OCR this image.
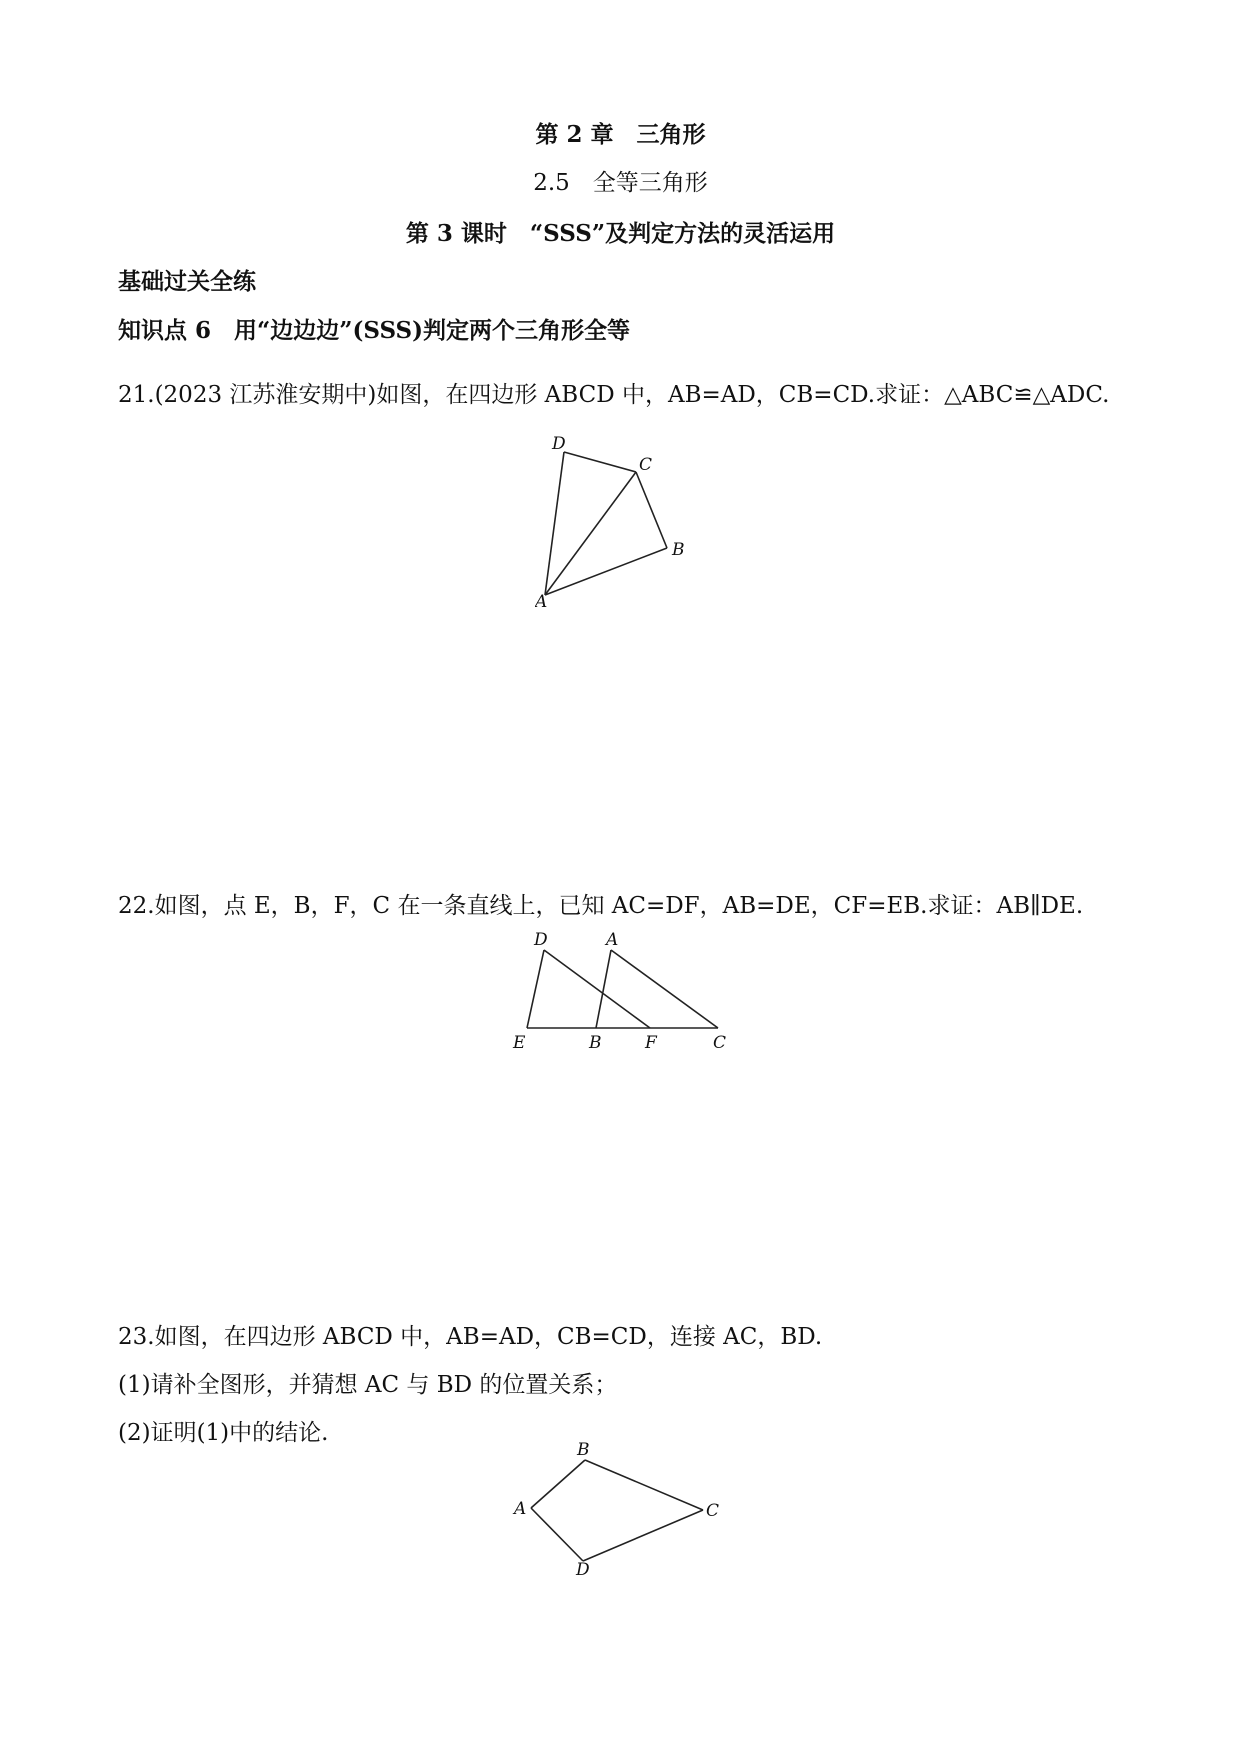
第 2 章　三角形
2.5　全等三角形
第 3 课时　“SSS”及判定方法的灵活运用
基础过关全练
知识点 6　用“边边边”(SSS)判定两个三角形全等
21.(2023 江苏淮安期中)如图，在四边形 ABCD 中，AB=AD，CB=CD.求证：△ABC≌△ADC.
D
C
B
A
22.如图，点 E，B，F，C 在一条直线上，已知 AC=DF，AB=DE，CF=EB.求证：AB∥DE.
D	A
E	B	F	C
23.如图，在四边形 ABCD 中，AB=AD，CB=CD，连接 AC，BD.
(1)请补全图形，并猜想 AC 与 BD 的位置关系；
(2)证明(1)中的结论.
B
A	C
D
